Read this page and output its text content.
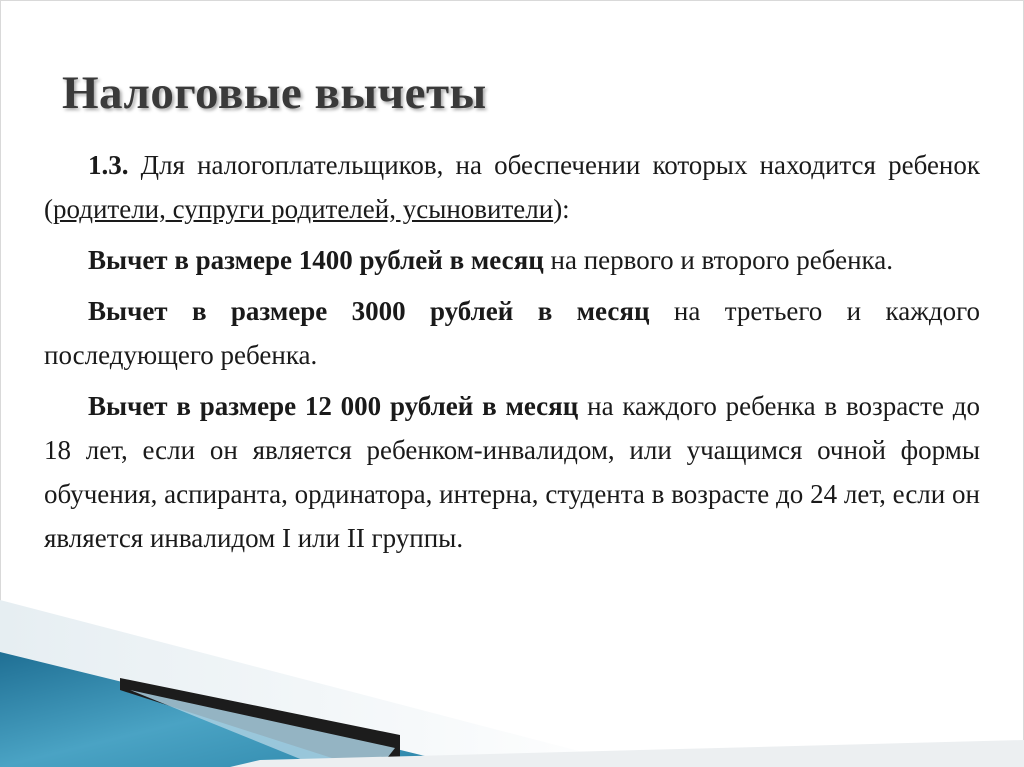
Налоговые вычеты

1.3. Для налогоплательщиков, на обеспечении которых находится ребенок (родители, супруги родителей, усыновители):

Вычет в размере 1400 рублей в месяц на первого и второго ребенка.

Вычет в размере 3000 рублей в месяц на третьего и каждого последующего ребенка.

Вычет в размере 12 000 рублей в месяц на каждого ребенка в возрасте до 18 лет, если он является ребенком-инвалидом, или учащимся очной формы обучения, аспиранта, ординатора, интерна, студента в возрасте до 24 лет, если он является инвалидом I или II группы.
